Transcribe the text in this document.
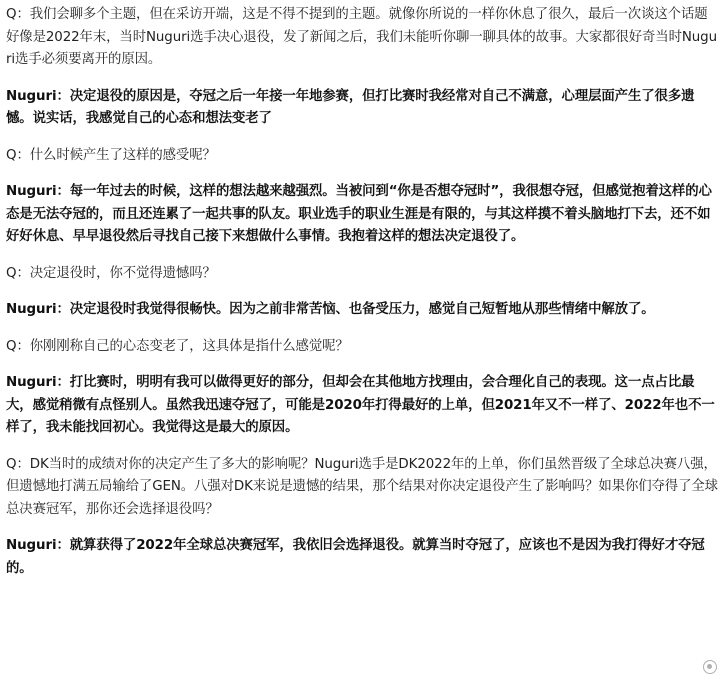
Q：我们会聊多个主题，但在采访开端，这是不得不提到的主题。就像你所说的一样你休息了很久，最后一次谈这个话题好像是2022年末，当时Nuguri选手决心退役，发了新闻之后，我们未能听你聊一聊具体的故事。大家都很好奇当时Nuguri选手必须要离开的原因。

Nuguri：决定退役的原因是，夺冠之后一年接一年地参赛，但打比赛时我经常对自己不满意，心理层面产生了很多遗憾。说实话，我感觉自己的心态和想法变老了

Q：什么时候产生了这样的感受呢？

Nuguri：每一年过去的时候，这样的想法越来越强烈。当被问到“你是否想夺冠时”，我很想夺冠，但感觉抱着这样的心态是无法夺冠的，而且还连累了一起共事的队友。职业选手的职业生涯是有限的，与其这样摸不着头脑地打下去，还不如好好休息、早早退役然后寻找自己接下来想做什么事情。我抱着这样的想法决定退役了。

Q：决定退役时，你不觉得遗憾吗？

Nuguri：决定退役时我觉得很畅快。因为之前非常苦恼、也备受压力，感觉自己短暂地从那些情绪中解放了。

Q：你刚刚称自己的心态变老了，这具体是指什么感觉呢？

Nuguri：打比赛时，明明有我可以做得更好的部分，但却会在其他地方找理由，会合理化自己的表现。这一点占比最大，感觉稍微有点怪别人。虽然我迅速夺冠了，可能是2020年打得最好的上单，但2021年又不一样了、2022年也不一样了，我未能找回初心。我觉得这是最大的原因。

Q：DK当时的成绩对你的决定产生了多大的影响呢？Nuguri选手是DK2022年的上单，你们虽然晋级了全球总决赛八强，但遗憾地打满五局输给了GEN。八强对DK来说是遗憾的结果，那个结果对你决定退役产生了影响吗？如果你们夺得了全球总决赛冠军，那你还会选择退役吗？

Nuguri：就算获得了2022年全球总决赛冠军，我依旧会选择退役。就算当时夺冠了，应该也不是因为我打得好才夺冠的。
